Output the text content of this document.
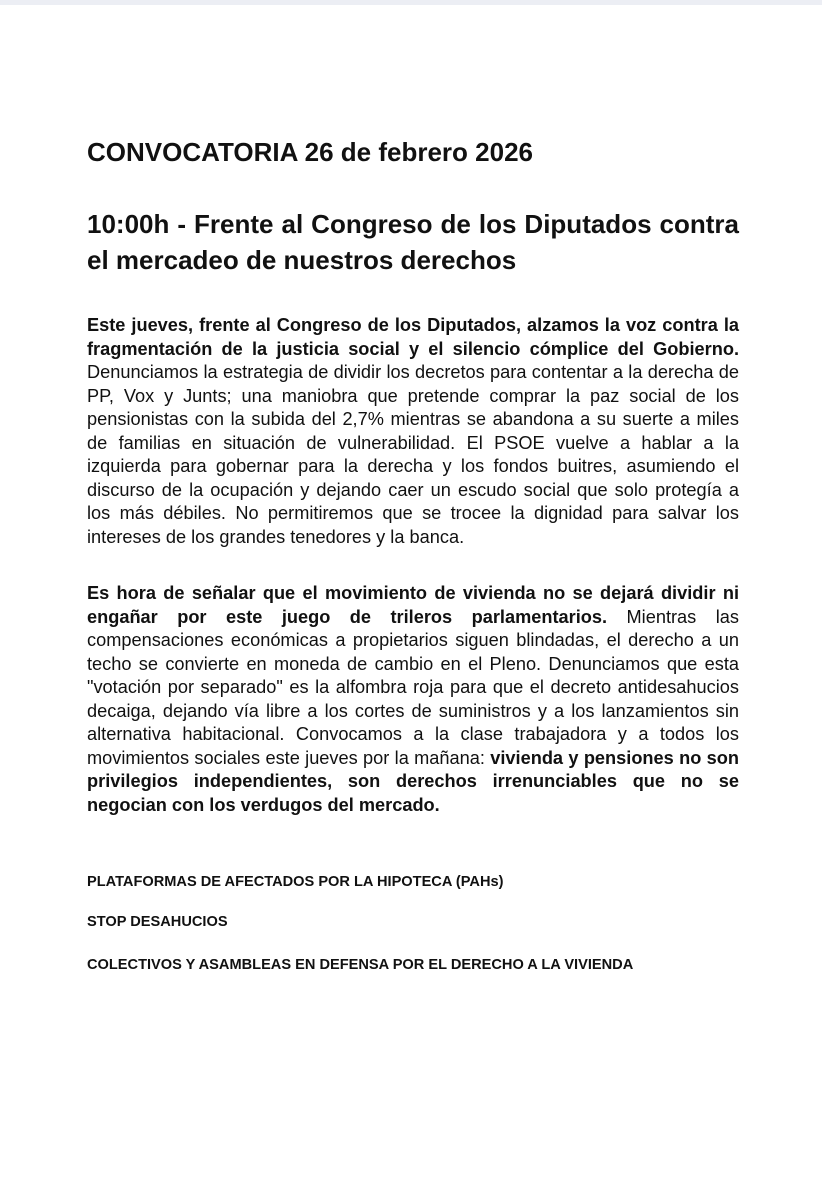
CONVOCATORIA 26 de febrero 2026
10:00h - Frente al Congreso de los Diputados contra el mercadeo de nuestros derechos

Este jueves, frente al Congreso de los Diputados, alzamos la voz contra la fragmentación de la justicia social y el silencio cómplice del Gobierno. Denunciamos la estrategia de dividir los decretos para contentar a la derecha de PP, Vox y Junts; una maniobra que pretende comprar la paz social de los pensionistas con la subida del 2,7% mientras se abandona a su suerte a miles de familias en situación de vulnerabilidad. El PSOE vuelve a hablar a la izquierda para gobernar para la derecha y los fondos buitres, asumiendo el discurso de la ocupación y dejando caer un escudo social que solo protegía a los más débiles. No permitiremos que se trocee la dignidad para salvar los intereses de los grandes tenedores y la banca.

Es hora de señalar que el movimiento de vivienda no se dejará dividir ni engañar por este juego de trileros parlamentarios. Mientras las compensaciones económicas a propietarios siguen blindadas, el derecho a un techo se convierte en moneda de cambio en el Pleno. Denunciamos que esta "votación por separado" es la alfombra roja para que el decreto antidesahucios decaiga, dejando vía libre a los cortes de suministros y a los lanzamientos sin alternativa habitacional. Convocamos a la clase trabajadora y a todos los movimientos sociales este jueves por la mañana: vivienda y pensiones no son privilegios independientes, son derechos irrenunciables que no se negocian con los verdugos del mercado.

PLATAFORMAS DE AFECTADOS POR LA HIPOTECA (PAHs)

STOP DESAHUCIOS

COLECTIVOS Y ASAMBLEAS EN DEFENSA POR EL DERECHO A LA VIVIENDA
